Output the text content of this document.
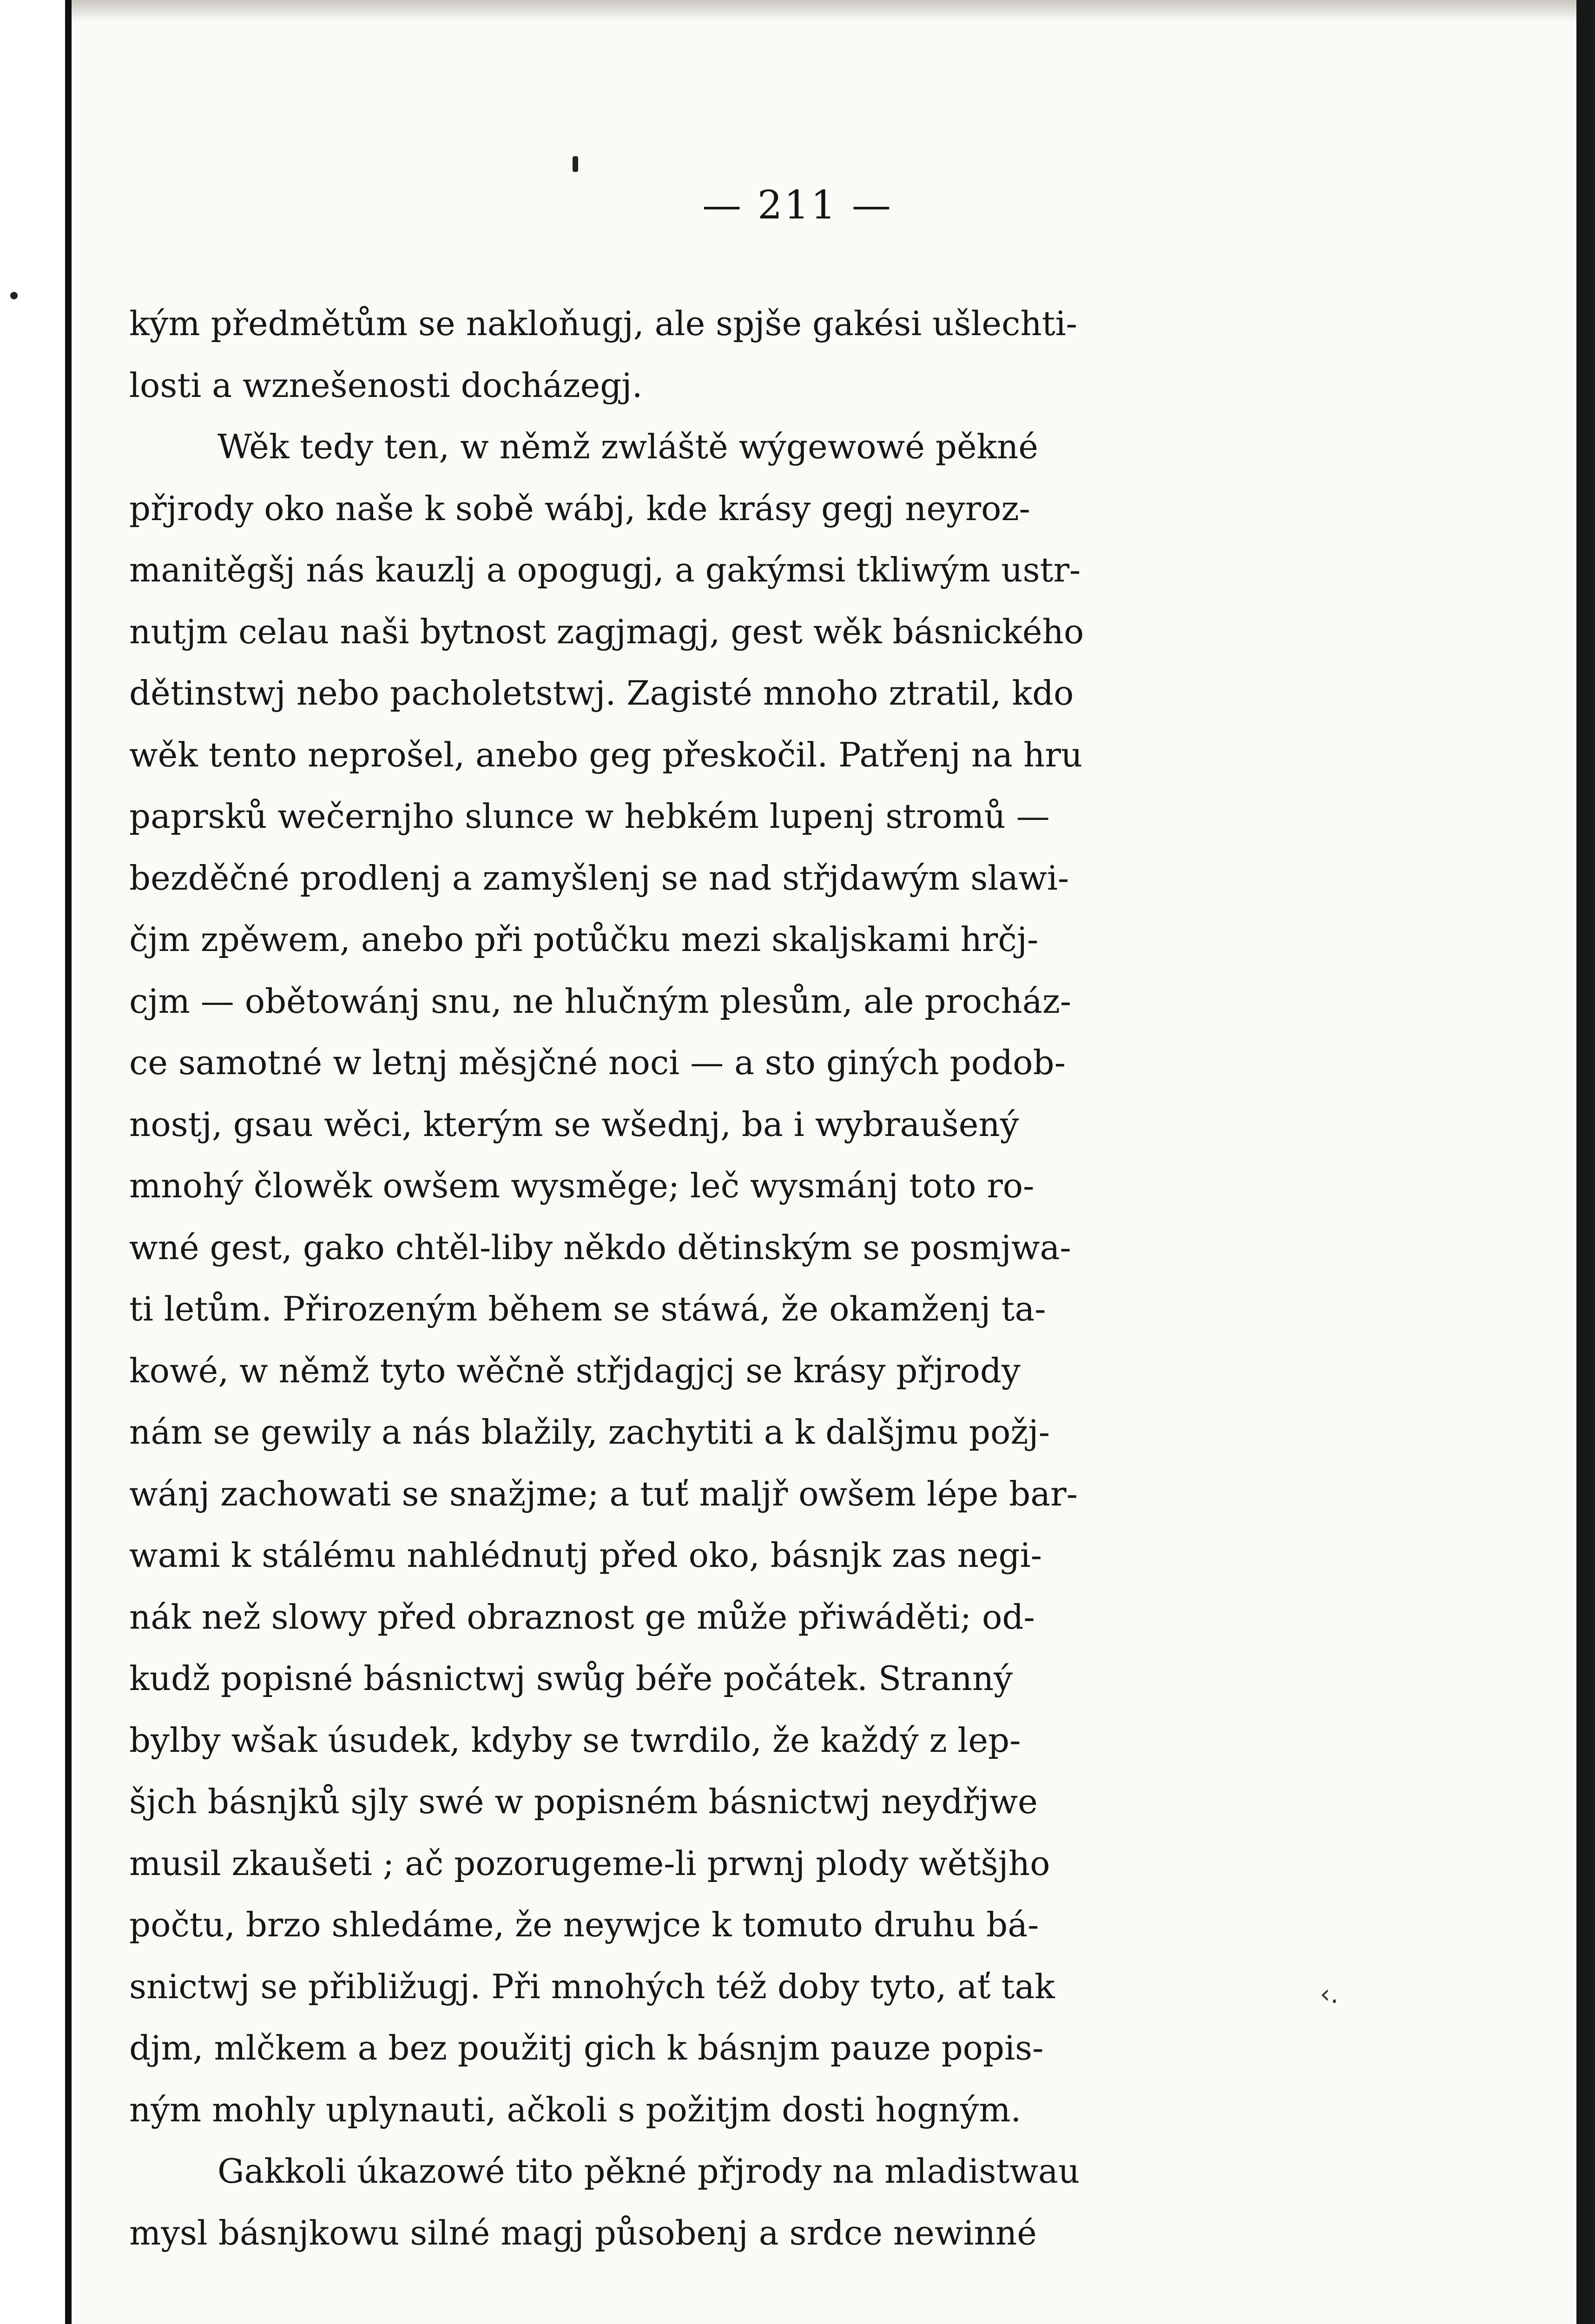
‹.
— 211 —
kým předmětům se nakloňugj, ale spjše gakési ušlechti-
losti a wznešenosti docházegj.
Wěk tedy ten, w němž zwláště wýgewowé pěkné
přjrody oko naše k sobě wábj, kde krásy gegj neyroz-
manitěgšj nás kauzlj a opogugj, a gakýmsi tkliwým ustr-
nutjm celau naši bytnost zagjmagj, gest wěk básnického
dětinstwj nebo pacholetstwj. Zagisté mnoho ztratil, kdo
wěk tento neprošel, anebo geg přeskočil. Patřenj na hru
paprsků wečernjho slunce w hebkém lupenj stromů —
bezděčné prodlenj a zamyšlenj se nad střjdawým slawi-
čjm zpěwem, anebo při potůčku mezi skaljskami hrčj-
cjm — obětowánj snu, ne hlučným plesům, ale procház-
ce samotné w letnj měsjčné noci — a sto giných podob-
nostj, gsau wěci, kterým se wšednj, ba i wybraušený
mnohý člowěk owšem wysměge; leč wysmánj toto ro-
wné gest, gako chtěl-liby někdo dětinským se posmjwa-
ti letům. Přirozeným během se stáwá, že okamženj ta-
kowé, w němž tyto wěčně střjdagjcj se krásy přjrody
nám se gewily a nás blažily, zachytiti a k dalšjmu požj-
wánj zachowati se snažjme; a tuť maljř owšem lépe bar-
wami k stálému nahlédnutj před oko, básnjk zas negi-
nák než slowy před obraznost ge může přiwáděti; od-
kudž popisné básnictwj swůg béře počátek. Stranný
bylby wšak úsudek, kdyby se twrdilo, že každý z lep-
šjch básnjků sjly swé w popisném básnictwj neydřjwe
musil zkaušeti ; ač pozorugeme-li prwnj plody wětšjho
počtu, brzo shledáme, že neywjce k tomuto druhu bá-
snictwj se přibližugj. Při mnohých též doby tyto, ať tak
djm, mlčkem a bez použitj gich k básnjm pauze popis-
ným mohly uplynauti, ačkoli s požitjm dosti hogným.
Gakkoli úkazowé tito pěkné přjrody na mladistwau
mysl básnjkowu silné magj působenj a srdce newinné
